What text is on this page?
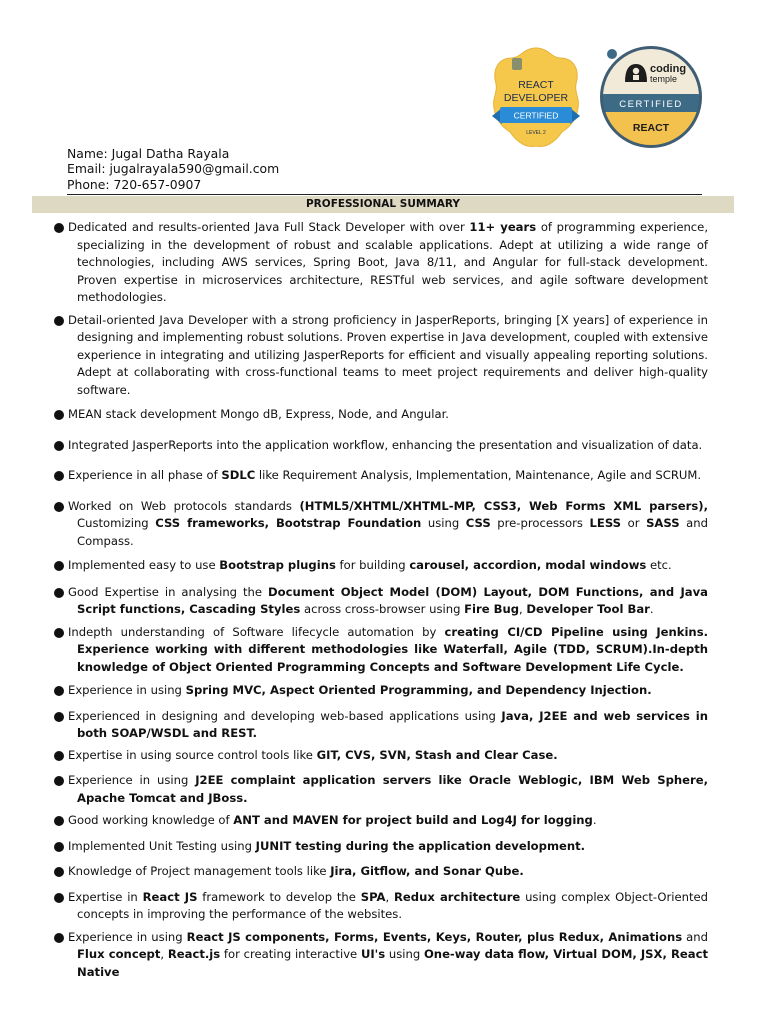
REACT
DEVELOPER
CERTIFIED
LEVEL 2
coding
temple
CERTIFIED
REACT
Name: Jugal Datha Rayala
Email: jugalrayala590@gmail.com
Phone: 720-657-0907
PROFESSIONAL SUMMARY
Dedicated and results-oriented Java Full Stack Developer with over 11+ years of programming experience, specializing in the development of robust and scalable applications. Adept at utilizing a wide range of technologies, including AWS services, Spring Boot, Java 8/11, and Angular for full-stack development. Proven expertise in microservices architecture, RESTful web services, and agile software development methodologies.
Detail-oriented Java Developer with a strong proficiency in JasperReports, bringing [X years] of experience in designing and implementing robust solutions. Proven expertise in Java development, coupled with extensive experience in integrating and utilizing JasperReports for efficient and visually appealing reporting solutions. Adept at collaborating with cross-functional teams to meet project requirements and deliver high-quality software.
MEAN stack development Mongo dB, Express, Node, and Angular.
Integrated JasperReports into the application workflow, enhancing the presentation and visualization of data.
Experience in all phase of SDLC like Requirement Analysis, Implementation, Maintenance, Agile and SCRUM.
Worked on Web protocols standards (HTML5/XHTML/XHTML-MP, CSS3, Web Forms XML parsers), Customizing CSS frameworks, Bootstrap Foundation using CSS pre-processors LESS or SASS and Compass.
Implemented easy to use Bootstrap plugins for building carousel, accordion, modal windows etc.
Good Expertise in analysing the Document Object Model (DOM) Layout, DOM Functions, and Java Script functions, Cascading Styles across cross-browser using Fire Bug, Developer Tool Bar.
Indepth understanding of Software lifecycle automation by creating CI/CD Pipeline using Jenkins. Experience working with different methodologies like Waterfall, Agile (TDD, SCRUM).In-depth knowledge of Object Oriented Programming Concepts and Software Development Life Cycle.
Experience in using Spring MVC, Aspect Oriented Programming, and Dependency Injection.
Experienced in designing and developing web-based applications using Java, J2EE and web services in both SOAP/WSDL and REST.
Expertise in using source control tools like GIT, CVS, SVN, Stash and Clear Case.
Experience in using J2EE complaint application servers like Oracle Weblogic, IBM Web Sphere, Apache Tomcat and JBoss.
Good working knowledge of ANT and MAVEN for project build and Log4J for logging.
Implemented Unit Testing using JUNIT testing during the application development.
Knowledge of Project management tools like Jira, Gitflow, and Sonar Qube.
Expertise in React JS framework to develop the SPA, Redux architecture using complex Object-Oriented concepts in improving the performance of the websites.
Experience in using React JS components, Forms, Events, Keys, Router, plus Redux, Animations and Flux concept, React.js for creating interactive UI's using One-way data flow, Virtual DOM, JSX, React Native
